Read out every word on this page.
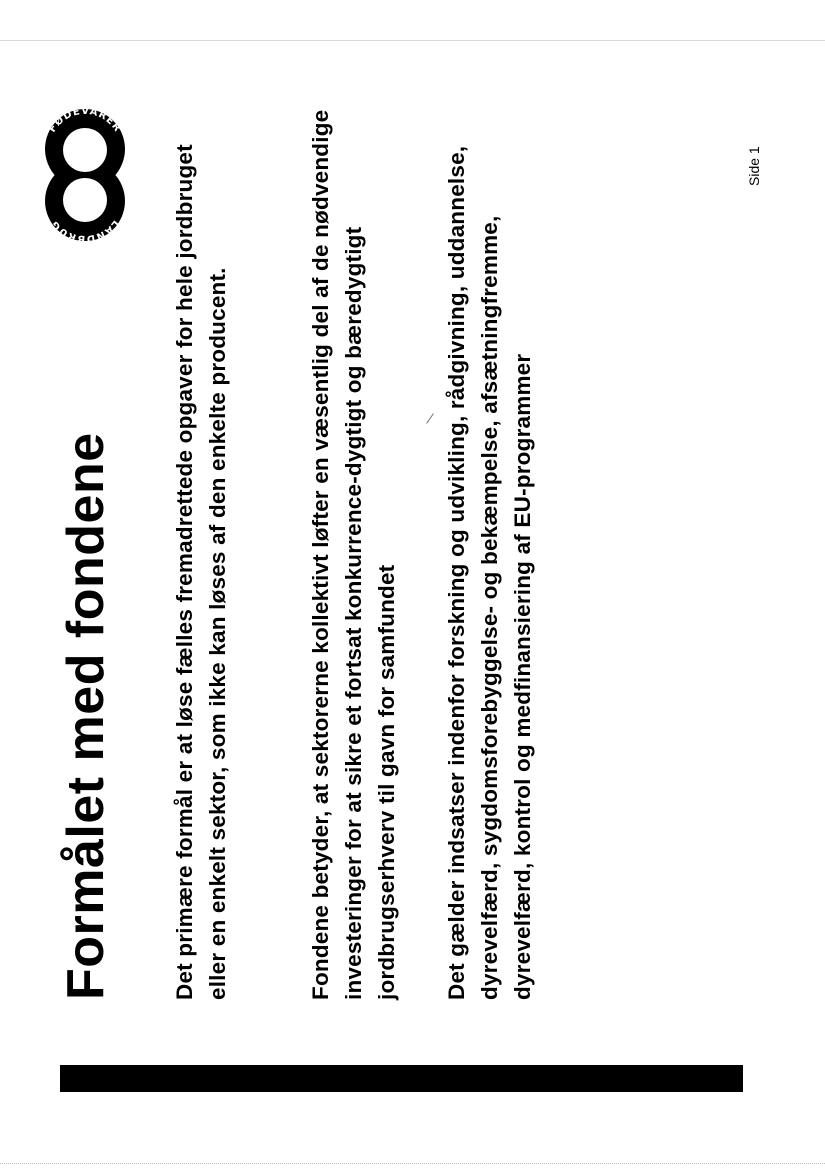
FØDEVARER
LANDBRUG
Formålet med fondene	Det primære formål er at løse fælles fremadrettede opgaver for hele jordbruget eller en enkelt sektor, som ikke kan løses af den enkelte producent.	Fondene betyder, at sektorerne kollektivt løfter en væsentlig del af de nødvendige investeringer for at sikre et fortsat konkurrence-dygtigt og bæredygtigt jordbrugserhverv til gavn for samfundet Det gælder indsatser indenfor forskning og udvikling, rådgivning, uddannelse, dyrevelfærd, sygdomsforebyggelse- og bekæmpelse, afsætningfremme, dyrevelfærd, kontrol og medfinansiering af EU-programmer
Side 1
